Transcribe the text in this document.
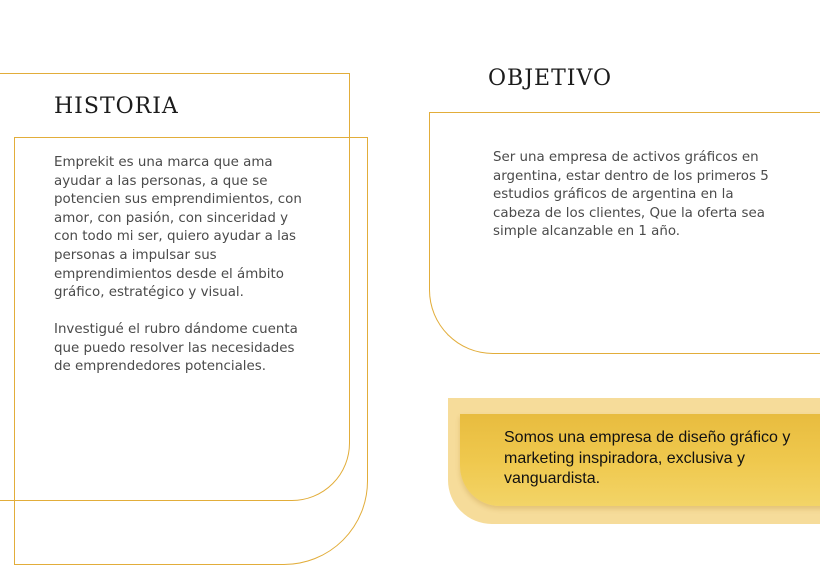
HISTORIA

Emprekit es una marca que ama ayudar a las personas, a que se potencien sus emprendimientos, con amor, con pasión, con sinceridad y con todo mi ser, quiero ayudar a las personas a impulsar sus emprendimientos desde el ámbito gráfico, estratégico y visual.

Investigué el rubro dándome cuenta que puedo resolver las necesidades de emprendedores potenciales.

OBJETIVO

Ser una empresa de activos gráficos en argentina, estar dentro de los primeros 5 estudios gráficos de argentina en la cabeza de los clientes, Que la oferta sea simple alcanzable en 1 año.

Somos una empresa de diseño gráfico y marketing inspiradora, exclusiva y vanguardista.
